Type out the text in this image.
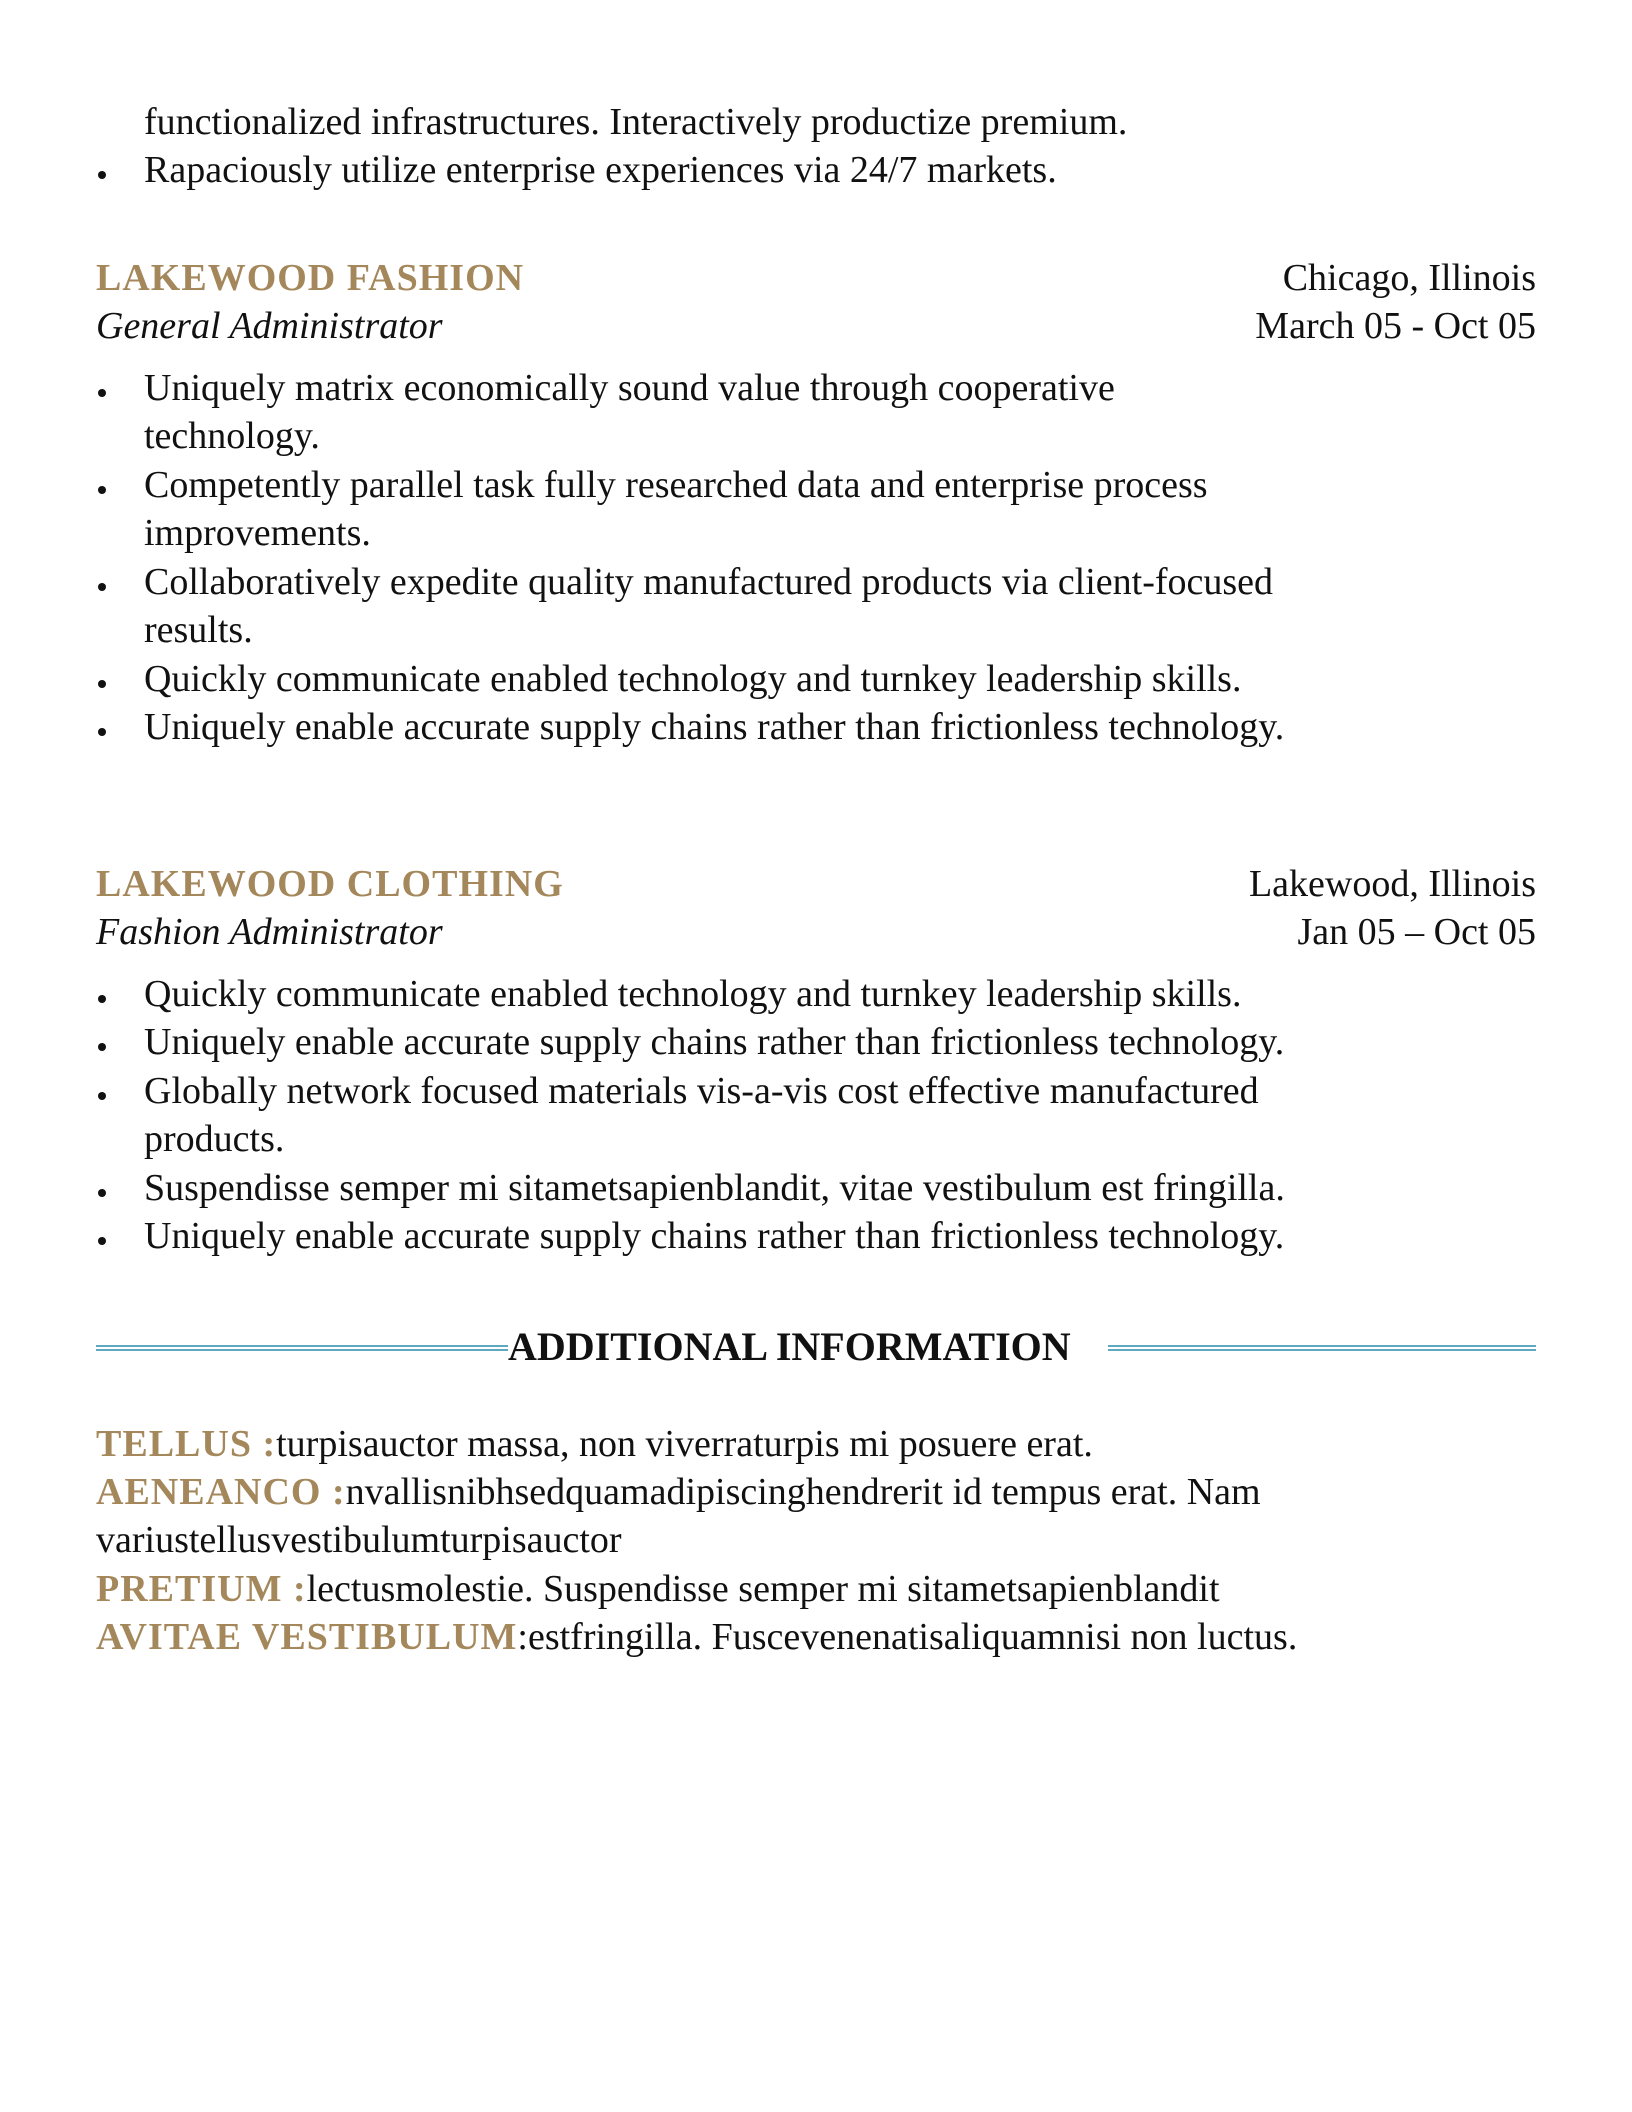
functionalized infrastructures. Interactively productize premium.
Rapaciously utilize enterprise experiences via 24/7 markets.
LAKEWOOD FASHION	Chicago, Illinois
General Administrator	March 05 - Oct 05
Uniquely matrix economically sound value through cooperative
technology.
Competently parallel task fully researched data and enterprise process
improvements.
Collaboratively expedite quality manufactured products via client-focused
results.
Quickly communicate enabled technology and turnkey leadership skills.
Uniquely enable accurate supply chains rather than frictionless technology.
LAKEWOOD CLOTHING	Lakewood, Illinois
Fashion Administrator	Jan 05 – Oct 05
Quickly communicate enabled technology and turnkey leadership skills.
Uniquely enable accurate supply chains rather than frictionless technology.
Globally network focused materials vis-a-vis cost effective manufactured
products.
Suspendisse semper mi sitametsapienblandit, vitae vestibulum est fringilla.
Uniquely enable accurate supply chains rather than frictionless technology.
ADDITIONAL INFORMATION
TELLUS :turpisauctor massa, non viverraturpis mi posuere erat.
AENEANCO :nvallisnibhsedquamadipiscinghendrerit id tempus erat. Nam
variustellusvestibulumturpisauctor
PRETIUM :lectusmolestie. Suspendisse semper mi sitametsapienblandit
AVITAE VESTIBULUM:estfringilla. Fuscevenenatisaliquamnisi non luctus.
